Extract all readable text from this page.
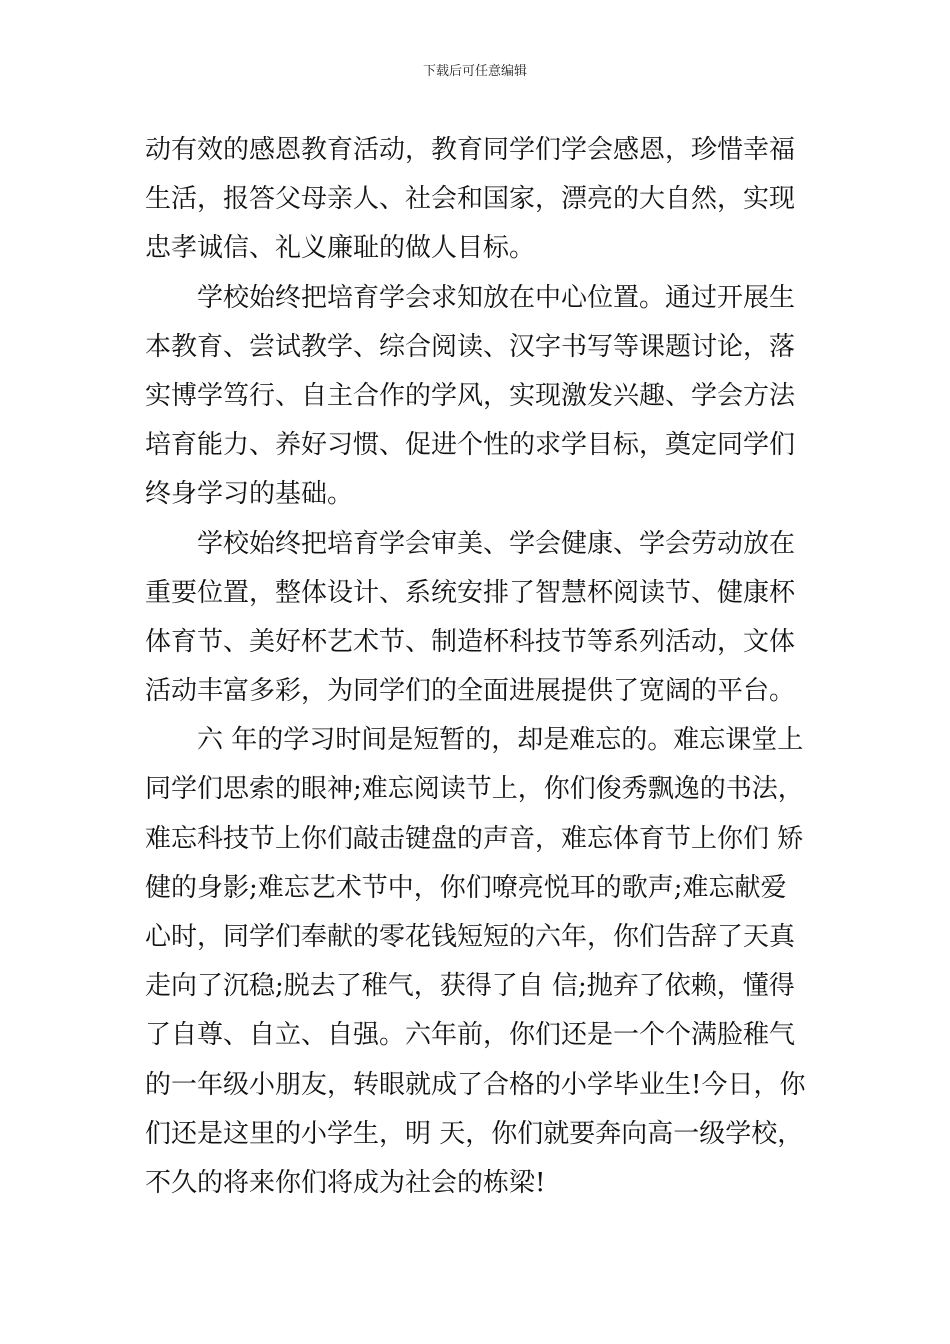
下载后可任意编辑
动有效的感恩教育活动，教育同学们学会感恩，珍惜幸福
生活，报答父母亲人、社会和国家，漂亮的大自然，实现
忠孝诚信、礼义廉耻的做人目标。
学校始终把培育学会求知放在中心位置。通过开展生
本教育、尝试教学、综合阅读、汉字书写等课题讨论，落
实博学笃行、自主合作的学风，实现激发兴趣、学会方法
培育能力、养好习惯、促进个性的求学目标，奠定同学们
终身学习的基础。
学校始终把培育学会审美、学会健康、学会劳动放在
重要位置，整体设计、系统安排了智慧杯阅读节、健康杯
体育节、美好杯艺术节、制造杯科技节等系列活动，文体
活动丰富多彩，为同学们的全面进展提供了宽阔的平台。
六 年的学习时间是短暂的，却是难忘的。难忘课堂上
同学们思索的眼神;难忘阅读节上，你们俊秀飘逸的书法，
难忘科技节上你们敲击键盘的声音，难忘体育节上你们 矫
健的身影;难忘艺术节中，你们嘹亮悦耳的歌声;难忘献爱
心时，同学们奉献的零花钱短短的六年，你们告辞了天真
走向了沉稳;脱去了稚气，获得了自 信;抛弃了依赖，懂得
了自尊、自立、自强。六年前，你们还是一个个满脸稚气
的一年级小朋友，转眼就成了合格的小学毕业生!今日，你
们还是这里的小学生，明 天，你们就要奔向高一级学校，
不久的将来你们将成为社会的栋梁!
